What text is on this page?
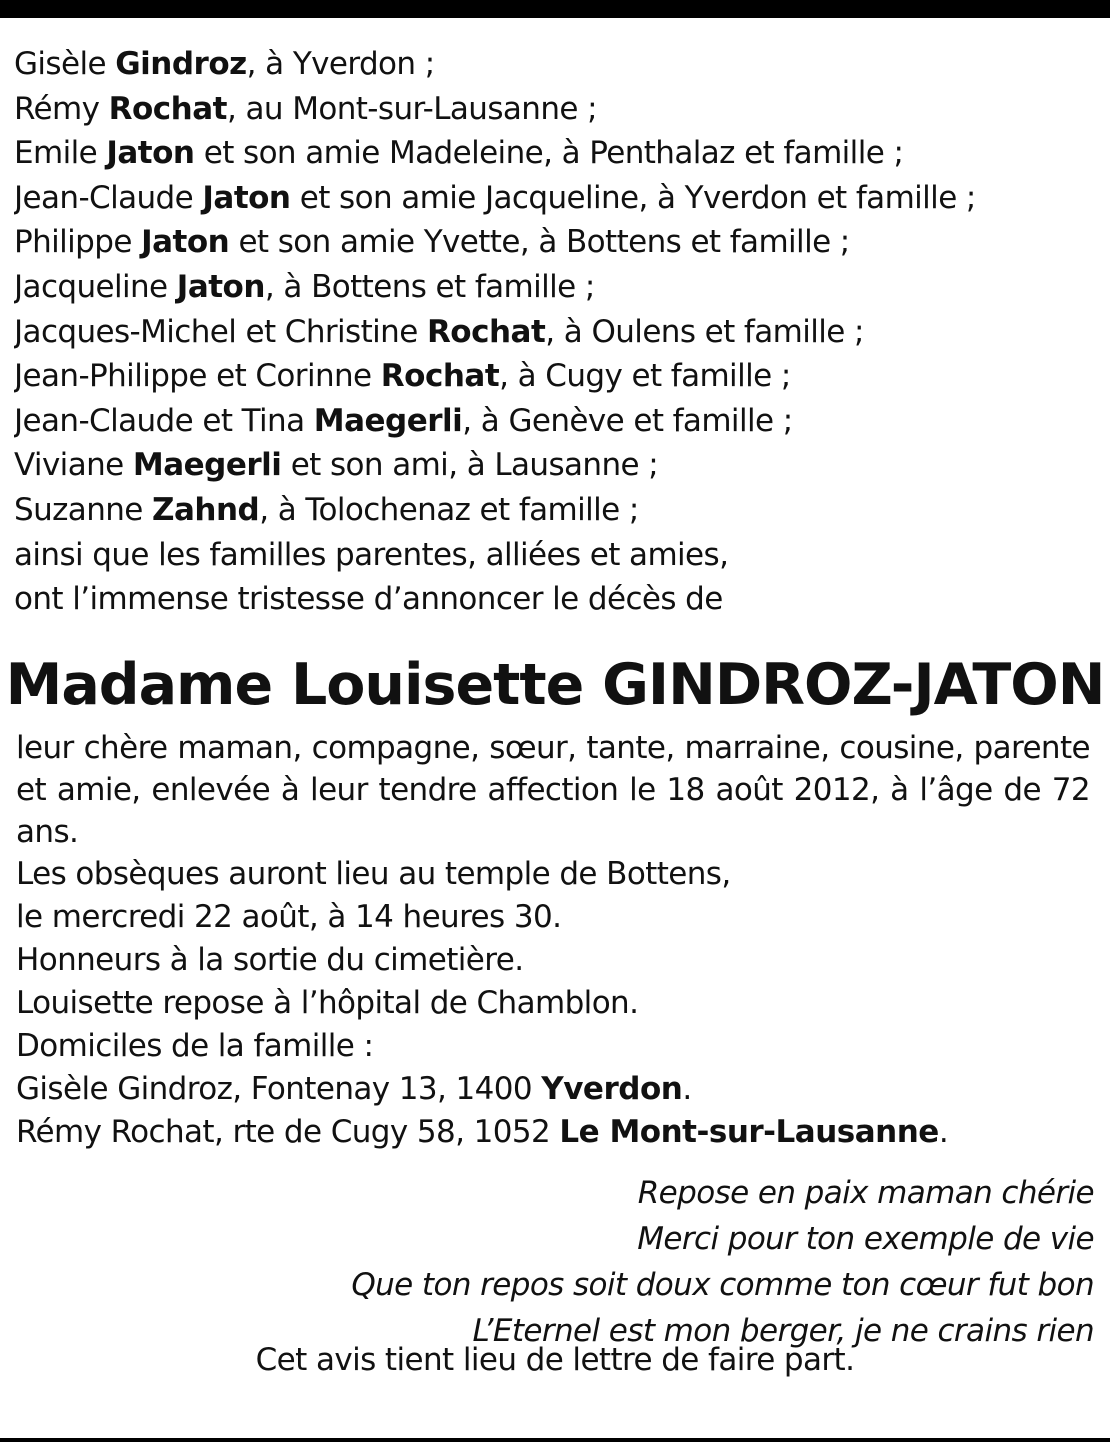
Gisèle Gindroz, à Yverdon ;
Rémy Rochat, au Mont-sur-Lausanne ;
Emile Jaton et son amie Madeleine, à Penthalaz et famille ;
Jean-Claude Jaton et son amie Jacqueline, à Yverdon et famille ;
Philippe Jaton et son amie Yvette, à Bottens et famille ;
Jacqueline Jaton, à Bottens et famille ;
Jacques-Michel et Christine Rochat, à Oulens et famille ;
Jean-Philippe et Corinne Rochat, à Cugy et famille ;
Jean-Claude et Tina Maegerli, à Genève et famille ;
Viviane Maegerli et son ami, à Lausanne ;
Suzanne Zahnd, à Tolochenaz et famille ;
ainsi que les familles parentes, alliées et amies,
ont l’immense tristesse d’annoncer le décès de
Madame Louisette GINDROZ-JATON

leur chère maman, compagne, sœur, tante, marraine, cousine, parente et amie, enlevée à leur tendre affection le 18 août 2012, à l’âge de 72 ans.

Les obsèques auront lieu au temple de Bottens,
le mercredi 22 août, à 14 heures 30.
Honneurs à la sortie du cimetière.
Louisette repose à l’hôpital de Chamblon.
Domiciles de la famille :
Gisèle Gindroz, Fontenay 13, 1400 Yverdon.
Rémy Rochat, rte de Cugy 58, 1052 Le Mont-sur-Lausanne.
Repose en paix maman chérie
Merci pour ton exemple de vie
Que ton repos soit doux comme ton cœur fut bon
L’Eternel est mon berger, je ne crains rien
Cet avis tient lieu de lettre de faire part.
